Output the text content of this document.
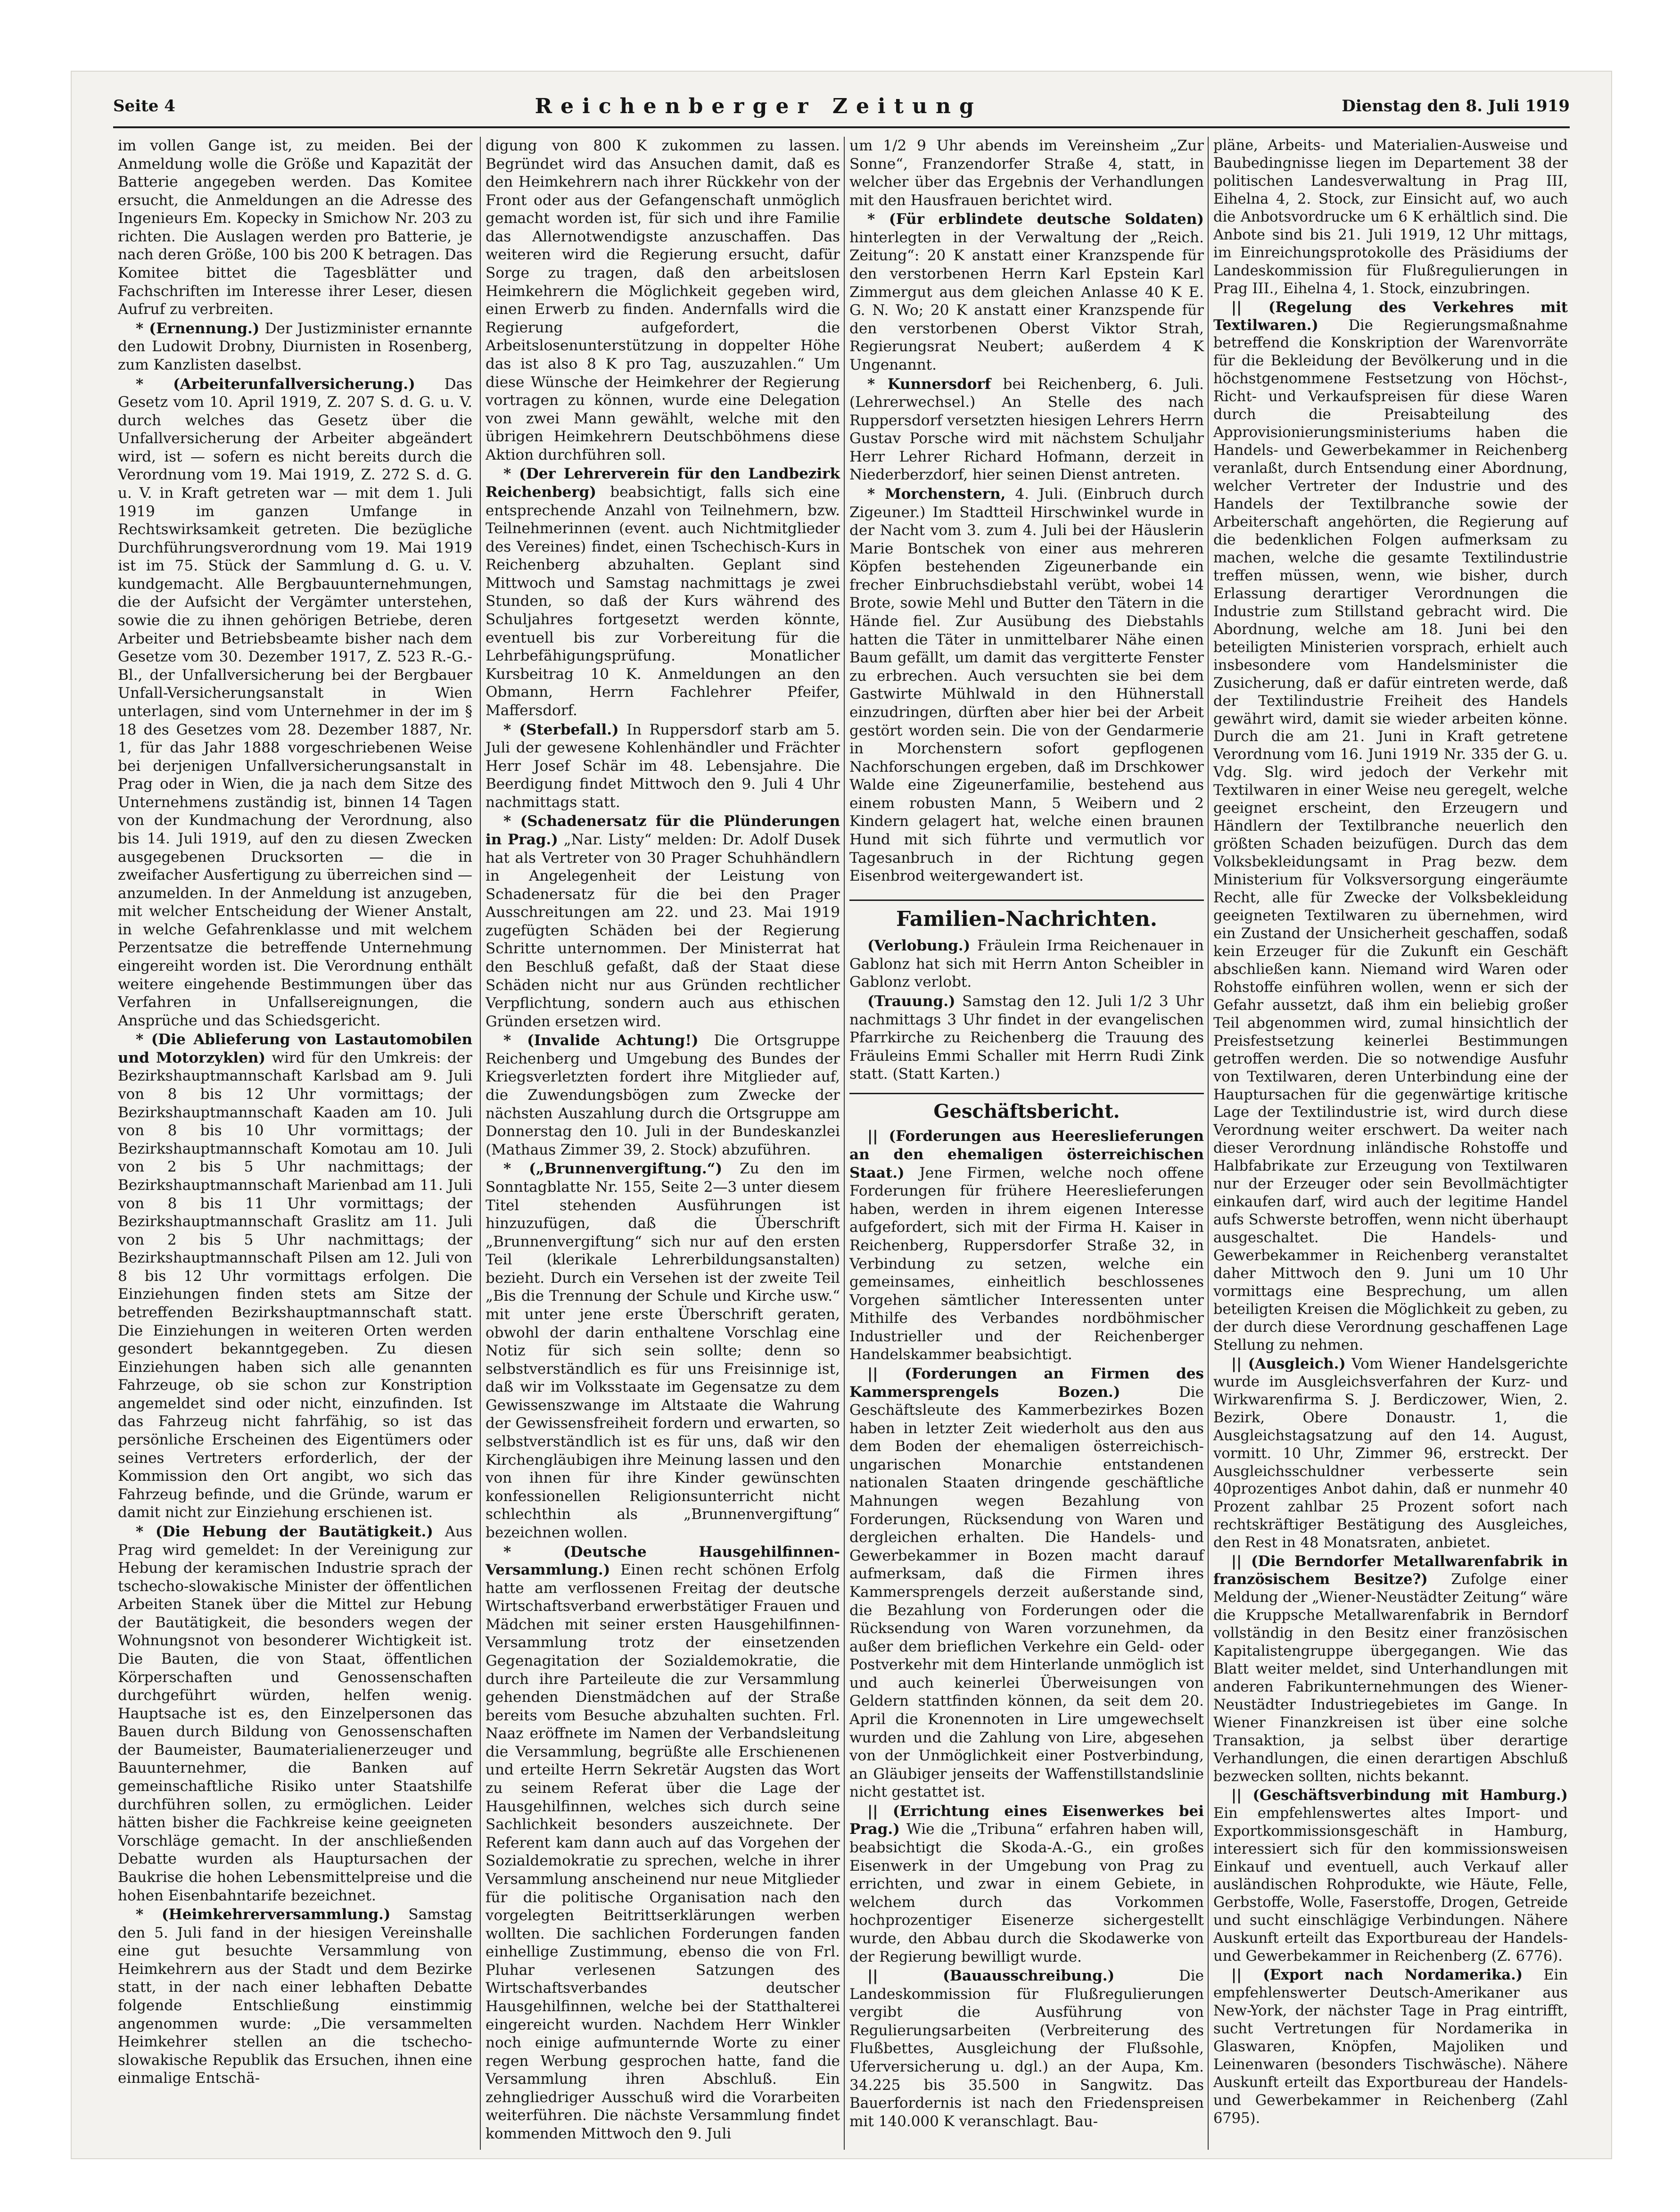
Seite 4	Reichenberger Zeitung	Dienstag den 8. Juli 1919

im vollen Gange ist, zu meiden. Bei der Anmeldung wolle die Größe und Kapazität der Batterie angegeben werden. Das Komitee ersucht, die Anmeldungen an die Adresse des Ingenieurs Em. Kopecky in Smichow Nr. 203 zu richten. Die Auslagen werden pro Batterie, je nach deren Größe, 100 bis 200 K betragen. Das Komitee bittet die Tagesblätter und Fachschriften im Interesse ihrer Leser, diesen Aufruf zu verbreiten.

* (Ernennung.) Der Justizminister ernannte den Ludowit Drobny, Diurnisten in Rosenberg, zum Kanzlisten daselbst.

* (Arbeiterunfallversicherung.) Das Gesetz vom 10. April 1919, Z. 207 S. d. G. u. V. durch welches das Gesetz über die Unfallversicherung der Arbeiter abgeändert wird, ist — sofern es nicht bereits durch die Verordnung vom 19. Mai 1919, Z. 272 S. d. G. u. V. in Kraft getreten war — mit dem 1. Juli 1919 im ganzen Umfange in Rechtswirksamkeit getreten. Die bezügliche Durchführungsverordnung vom 19. Mai 1919 ist im 75. Stück der Sammlung d. G. u. V. kundgemacht. Alle Bergbauunternehmungen, die der Aufsicht der Vergämter unterstehen, sowie die zu ihnen gehörigen Betriebe, deren Arbeiter und Betriebsbeamte bisher nach dem Gesetze vom 30. Dezember 1917, Z. 523 R.-G.-Bl., der Unfallversicherung bei der Bergbauer Unfall-Versicherungsanstalt in Wien unterlagen, sind vom Unternehmer in der im § 18 des Gesetzes vom 28. Dezember 1887, Nr. 1, für das Jahr 1888 vorgeschriebenen Weise bei derjenigen Unfallversicherungsanstalt in Prag oder in Wien, die ja nach dem Sitze des Unternehmens zuständig ist, binnen 14 Tagen von der Kundmachung der Verordnung, also bis 14. Juli 1919, auf den zu diesen Zwecken ausgegebenen Drucksorten — die in zweifacher Ausfertigung zu überreichen sind — anzumelden. In der Anmeldung ist anzugeben, mit welcher Entscheidung der Wiener Anstalt, in welche Gefahrenklasse und mit welchem Perzentsatze die betreffende Unternehmung eingereiht worden ist. Die Verordnung enthält weitere eingehende Bestimmungen über das Verfahren in Unfallsereignungen, die Ansprüche und das Schiedsgericht.

* (Die Ablieferung von Lastautomobilen und Motorzyklen) wird für den Umkreis: der Bezirkshauptmannschaft Karlsbad am 9. Juli von 8 bis 12 Uhr vormittags; der Bezirkshauptmannschaft Kaaden am 10. Juli von 8 bis 10 Uhr vormittags; der Bezirkshauptmannschaft Komotau am 10. Juli von 2 bis 5 Uhr nachmittags; der Bezirkshauptmannschaft Marienbad am 11. Juli von 8 bis 11 Uhr vormittags; der Bezirkshauptmannschaft Graslitz am 11. Juli von 2 bis 5 Uhr nachmittags; der Bezirkshauptmannschaft Pilsen am 12. Juli von 8 bis 12 Uhr vormittags erfolgen. Die Einziehungen finden stets am Sitze der betreffenden Bezirkshauptmannschaft statt. Die Einziehungen in weiteren Orten werden gesondert bekanntgegeben. Zu diesen Einziehungen haben sich alle genannten Fahrzeuge, ob sie schon zur Konstription angemeldet sind oder nicht, einzufinden. Ist das Fahrzeug nicht fahrfähig, so ist das persönliche Erscheinen des Eigentümers oder seines Vertreters erforderlich, der der Kommission den Ort angibt, wo sich das Fahrzeug befinde, und die Gründe, warum er damit nicht zur Einziehung erschienen ist.

* (Die Hebung der Bautätigkeit.) Aus Prag wird gemeldet: In der Vereinigung zur Hebung der keramischen Industrie sprach der tschecho-slowakische Minister der öffentlichen Arbeiten Stanek über die Mittel zur Hebung der Bautätigkeit, die besonders wegen der Wohnungsnot von besonderer Wichtigkeit ist. Die Bauten, die von Staat, öffentlichen Körperschaften und Genossenschaften durchgeführt würden, helfen wenig. Hauptsache ist es, den Einzelpersonen das Bauen durch Bildung von Genossenschaften der Baumeister, Baumaterialienerzeuger und Bauunternehmer, die Banken auf gemeinschaftliche Risiko unter Staatshilfe durchführen sollen, zu ermöglichen. Leider hätten bisher die Fachkreise keine geeigneten Vorschläge gemacht. In der anschließenden Debatte wurden als Hauptursachen der Baukrise die hohen Lebensmittelpreise und die hohen Eisenbahntarife bezeichnet.

* (Heimkehrerversammlung.) Samstag den 5. Juli fand in der hiesigen Vereinshalle eine gut besuchte Versammlung von Heimkehrern aus der Stadt und dem Bezirke statt, in der nach einer lebhaften Debatte folgende Entschließung einstimmig angenommen wurde: „Die versammelten Heimkehrer stellen an die tschecho-slowakische Republik das Ersuchen, ihnen eine einmalige Entschä-

digung von 800 K zukommen zu lassen. Begründet wird das Ansuchen damit, daß es den Heimkehrern nach ihrer Rückkehr von der Front oder aus der Gefangenschaft unmöglich gemacht worden ist, für sich und ihre Familie das Allernotwendigste anzuschaffen. Das weiteren wird die Regierung ersucht, dafür Sorge zu tragen, daß den arbeitslosen Heimkehrern die Möglichkeit gegeben wird, einen Erwerb zu finden. Andernfalls wird die Regierung aufgefordert, die Arbeitslosenunterstützung in doppelter Höhe das ist also 8 K pro Tag, auszuzahlen.“ Um diese Wünsche der Heimkehrer der Regierung vortragen zu können, wurde eine Delegation von zwei Mann gewählt, welche mit den übrigen Heimkehrern Deutschböhmens diese Aktion durchführen soll.

* (Der Lehrerverein für den Landbezirk Reichenberg) beabsichtigt, falls sich eine entsprechende Anzahl von Teilnehmern, bzw. Teilnehmerinnen (event. auch Nichtmitglieder des Vereines) findet, einen Tschechisch-Kurs in Reichenberg abzuhalten. Geplant sind Mittwoch und Samstag nachmittags je zwei Stunden, so daß der Kurs während des Schuljahres fortgesetzt werden könnte, eventuell bis zur Vorbereitung für die Lehrbefähigungsprüfung. Monatlicher Kursbeitrag 10 K. Anmeldungen an den Obmann, Herrn Fachlehrer Pfeifer, Maffersdorf.

* (Sterbefall.) In Ruppersdorf starb am 5. Juli der gewesene Kohlenhändler und Frächter Herr Josef Schär im 48. Lebensjahre. Die Beerdigung findet Mittwoch den 9. Juli 4 Uhr nachmittags statt.

* (Schadenersatz für die Plünderungen in Prag.) „Nar. Listy“ melden: Dr. Adolf Dusek hat als Vertreter von 30 Prager Schuhhändlern in Angelegenheit der Leistung von Schadenersatz für die bei den Prager Ausschreitungen am 22. und 23. Mai 1919 zugefügten Schäden bei der Regierung Schritte unternommen. Der Ministerrat hat den Beschluß gefaßt, daß der Staat diese Schäden nicht nur aus Gründen rechtlicher Verpflichtung, sondern auch aus ethischen Gründen ersetzen wird.

* (Invalide Achtung!) Die Ortsgruppe Reichenberg und Umgebung des Bundes der Kriegsverletzten fordert ihre Mitglieder auf, die Zuwendungsbögen zum Zwecke der nächsten Auszahlung durch die Ortsgruppe am Donnerstag den 10. Juli in der Bundeskanzlei (Mathaus Zimmer 39, 2. Stock) abzuführen.

* („Brunnenvergiftung.“) Zu den im Sonntagblatte Nr. 155, Seite 2—3 unter diesem Titel stehenden Ausführungen ist hinzuzufügen, daß die Überschrift „Brunnenvergiftung“ sich nur auf den ersten Teil (klerikale Lehrerbildungsanstalten) bezieht. Durch ein Versehen ist der zweite Teil „Bis die Trennung der Schule und Kirche usw.“ mit unter jene erste Überschrift geraten, obwohl der darin enthaltene Vorschlag eine Notiz für sich sein sollte; denn so selbstverständlich es für uns Freisinnige ist, daß wir im Volksstaate im Gegensatze zu dem Gewissenszwange im Altstaate die Wahrung der Gewissensfreiheit fordern und erwarten, so selbstverständlich ist es für uns, daß wir den Kirchengläubigen ihre Meinung lassen und den von ihnen für ihre Kinder gewünschten konfessionellen Religionsunterricht nicht schlechthin als „Brunnenvergiftung“ bezeichnen wollen.

* (Deutsche Hausgehilfinnen-Versammlung.) Einen recht schönen Erfolg hatte am verflossenen Freitag der deutsche Wirtschaftsverband erwerbstätiger Frauen und Mädchen mit seiner ersten Hausgehilfinnen-Versammlung trotz der einsetzenden Gegenagitation der Sozialdemokratie, die durch ihre Parteileute die zur Versammlung gehenden Dienstmädchen auf der Straße bereits vom Besuche abzuhalten suchten. Frl. Naaz eröffnete im Namen der Verbandsleitung die Versammlung, begrüßte alle Erschienenen und erteilte Herrn Sekretär Augsten das Wort zu seinem Referat über die Lage der Hausgehilfinnen, welches sich durch seine Sachlichkeit besonders auszeichnete. Der Referent kam dann auch auf das Vorgehen der Sozialdemokratie zu sprechen, welche in ihrer Versammlung anscheinend nur neue Mitglieder für die politische Organisation nach den vorgelegten Beitrittserklärungen werben wollten. Die sachlichen Forderungen fanden einhellige Zustimmung, ebenso die von Frl. Pluhar verlesenen Satzungen des Wirtschaftsverbandes deutscher Hausgehilfinnen, welche bei der Statthalterei eingereicht wurden. Nachdem Herr Winkler noch einige aufmunternde Worte zu einer regen Werbung gesprochen hatte, fand die Versammlung ihren Abschluß. Ein zehngliedriger Ausschuß wird die Vorarbeiten weiterführen. Die nächste Versammlung findet kommenden Mittwoch den 9. Juli

um 1/2 9 Uhr abends im Vereinsheim „Zur Sonne“, Franzendorfer Straße 4, statt, in welcher über das Ergebnis der Verhandlungen mit den Hausfrauen berichtet wird.

* (Für erblindete deutsche Soldaten) hinterlegten in der Verwaltung der „Reich. Zeitung“: 20 K anstatt einer Kranzspende für den verstorbenen Herrn Karl Epstein Karl Zimmergut aus dem gleichen Anlasse 40 K E. G. N. Wo; 20 K anstatt einer Kranzspende für den verstorbenen Oberst Viktor Strah, Regierungsrat Neubert; außerdem 4 K Ungenannt.

* Kunnersdorf bei Reichenberg, 6. Juli. (Lehrerwechsel.) An Stelle des nach Ruppersdorf versetzten hiesigen Lehrers Herrn Gustav Porsche wird mit nächstem Schuljahr Herr Lehrer Richard Hofmann, derzeit in Niederberzdorf, hier seinen Dienst antreten.

* Morchenstern, 4. Juli. (Einbruch durch Zigeuner.) Im Stadtteil Hirschwinkel wurde in der Nacht vom 3. zum 4. Juli bei der Häuslerin Marie Bontschek von einer aus mehreren Köpfen bestehenden Zigeunerbande ein frecher Einbruchsdiebstahl verübt, wobei 14 Brote, sowie Mehl und Butter den Tätern in die Hände fiel. Zur Ausübung des Diebstahls hatten die Täter in unmittelbarer Nähe einen Baum gefällt, um damit das vergitterte Fenster zu erbrechen. Auch versuchten sie bei dem Gastwirte Mühlwald in den Hühnerstall einzudringen, dürften aber hier bei der Arbeit gestört worden sein. Die von der Gendarmerie in Morchenstern sofort gepflogenen Nachforschungen ergeben, daß im Drschkower Walde eine Zigeunerfamilie, bestehend aus einem robusten Mann, 5 Weibern und 2 Kindern gelagert hat, welche einen braunen Hund mit sich führte und vermutlich vor Tagesanbruch in der Richtung gegen Eisenbrod weitergewandert ist.

Familien-Nachrichten.

(Verlobung.) Fräulein Irma Reichenauer in Gablonz hat sich mit Herrn Anton Scheibler in Gablonz verlobt.

(Trauung.) Samstag den 12. Juli 1/2 3 Uhr nachmittags 3 Uhr findet in der evangelischen Pfarrkirche zu Reichenberg die Trauung des Fräuleins Emmi Schaller mit Herrn Rudi Zink statt. (Statt Karten.)

Geschäftsbericht.

|| (Forderungen aus Heereslieferungen an den ehemaligen österreichischen Staat.) Jene Firmen, welche noch offene Forderungen für frühere Heereslieferungen haben, werden in ihrem eigenen Interesse aufgefordert, sich mit der Firma H. Kaiser in Reichenberg, Ruppersdorfer Straße 32, in Verbindung zu setzen, welche ein gemeinsames, einheitlich beschlossenes Vorgehen sämtlicher Interessenten unter Mithilfe des Verbandes nordböhmischer Industrieller und der Reichenberger Handelskammer beabsichtigt.

|| (Forderungen an Firmen des Kammersprengels Bozen.)	Die Geschäftsleute des Kammerbezirkes Bozen haben in letzter Zeit wiederholt aus den aus dem Boden der ehemaligen österreichisch-ungarischen Monarchie entstandenen nationalen Staaten dringende geschäftliche Mahnungen wegen Bezahlung von Forderungen, Rücksendung von Waren und dergleichen erhalten. Die Handels- und Gewerbekammer in Bozen macht darauf aufmerksam, daß die Firmen ihres Kammersprengels derzeit außerstande sind, die Bezahlung von Forderungen oder die Rücksendung von Waren vorzunehmen, da außer dem brieflichen Verkehre ein Geld- oder Postverkehr mit dem Hinterlande unmöglich ist und auch keinerlei Überweisungen von Geldern stattfinden können, da seit dem 20. April die Kronennoten in Lire umgewechselt wurden und die Zahlung von Lire, abgesehen von der Unmöglichkeit einer Postverbindung, an Gläubiger jenseits der Waffenstillstandslinie nicht gestattet ist.

|| (Errichtung eines Eisenwerkes bei Prag.) Wie die „Tribuna“ erfahren haben will, beabsichtigt die Skoda-A.-G., ein großes Eisenwerk in der Umgebung von Prag zu errichten, und zwar in einem Gebiete, in welchem durch das Vorkommen hochprozentiger Eisenerze sichergestellt wurde, den Abbau durch die Skodawerke von der Regierung bewilligt wurde.

|| (Bauausschreibung.)	Die Landeskommission für Flußregulierungen vergibt die Ausführung von Regulierungsarbeiten (Verbreiterung des Flußbettes, Ausgleichung der Flußsohle, Uferversicherung u. dgl.) an der Aupa, Km. 34.225 bis 35.500 in Sangwitz. Das Bauerfordernis ist nach den Friedenspreisen mit 140.000 K veranschlagt. Bau-

pläne, Arbeits- und Materialien-Ausweise und Baubedingnisse liegen im Departement 38 der politischen Landesverwaltung in Prag III, Eihelna 4, 2. Stock, zur Einsicht auf, wo auch die Anbotsvordrucke um 6 K erhältlich sind. Die Anbote sind bis 21. Juli 1919, 12 Uhr mittags, im Einreichungsprotokolle des Präsidiums der Landeskommission für Flußregulierungen in Prag III., Eihelna 4, 1. Stock, einzubringen.

|| (Regelung des Verkehres mit Textilwaren.) Die Regierungsmaßnahme betreffend die Konskription der Warenvorräte für die Bekleidung der Bevölkerung und in die höchstgenommene Festsetzung von Höchst-, Richt- und Verkaufspreisen für diese Waren durch die Preisabteilung des Approvisionierungsministeriums haben die Handels- und Gewerbekammer in Reichenberg veranlaßt, durch Entsendung einer Abordnung, welcher Vertreter der Industrie und des Handels der Textilbranche sowie der Arbeiterschaft angehörten, die Regierung auf die bedenklichen Folgen aufmerksam zu machen, welche die gesamte Textilindustrie treffen müssen, wenn, wie bisher, durch Erlassung derartiger Verordnungen die Industrie zum Stillstand gebracht wird. Die Abordnung, welche am 18. Juni bei den beteiligten Ministerien vorsprach, erhielt auch insbesondere vom Handelsminister die Zusicherung, daß er dafür eintreten werde, daß der Textilindustrie Freiheit des Handels gewährt wird, damit sie wieder arbeiten könne. Durch die am 21. Juni in Kraft getretene Verordnung vom 16. Juni 1919 Nr. 335 der G. u. Vdg. Slg. wird jedoch der Verkehr mit Textilwaren in einer Weise neu geregelt, welche geeignet erscheint, den Erzeugern und Händlern der Textilbranche neuerlich den größten Schaden beizufügen. Durch das dem Volksbekleidungsamt in Prag bezw. dem Ministerium für Volksversorgung eingeräumte Recht, alle für Zwecke der Volksbekleidung geeigneten Textilwaren zu übernehmen, wird ein Zustand der Unsicherheit geschaffen, sodaß kein Erzeuger für die Zukunft ein Geschäft abschließen kann. Niemand wird Waren oder Rohstoffe einführen wollen, wenn er sich der Gefahr aussetzt, daß ihm ein beliebig großer Teil abgenommen wird, zumal hinsichtlich der Preisfestsetzung keinerlei Bestimmungen getroffen werden. Die so notwendige Ausfuhr von Textilwaren, deren Unterbindung eine der Hauptursachen für die gegenwärtige kritische Lage der Textilindustrie ist, wird durch diese Verordnung weiter erschwert. Da weiter nach dieser Verordnung inländische Rohstoffe und Halbfabrikate zur Erzeugung von Textilwaren nur der Erzeuger oder sein Bevollmächtigter einkaufen darf, wird auch der legitime Handel aufs Schwerste betroffen, wenn nicht überhaupt ausgeschaltet. Die Handels- und Gewerbekammer in Reichenberg veranstaltet daher Mittwoch den 9. Juni um 10 Uhr vormittags eine Besprechung, um allen beteiligten Kreisen die Möglichkeit zu geben, zu der durch diese Verordnung geschaffenen Lage Stellung zu nehmen.

|| (Ausgleich.) Vom Wiener Handelsgerichte wurde im Ausgleichsverfahren der Kurz- und Wirkwarenfirma S. J. Berdiczower, Wien, 2. Bezirk, Obere Donaustr. 1, die Ausgleichstagsatzung auf den 14. August, vormitt. 10 Uhr, Zimmer 96, erstreckt. Der Ausgleichsschuldner verbesserte sein 40prozentiges Anbot dahin, daß er nunmehr 40 Prozent zahlbar 25 Prozent sofort nach rechtskräftiger Bestätigung des Ausgleiches, den Rest in 48 Monatsraten, anbietet.

|| (Die Berndorfer Metallwarenfabrik in französischem Besitze?) Zufolge einer Meldung der „Wiener-Neustädter Zeitung“ wäre die Kruppsche Metallwarenfabrik in Berndorf vollständig in den Besitz einer französischen Kapitalistengruppe übergegangen. Wie das Blatt weiter meldet, sind Unterhandlungen mit anderen Fabrikunternehmungen des Wiener-Neustädter Industriegebietes im Gange. In Wiener Finanzkreisen ist über eine solche Transaktion, ja selbst über derartige Verhandlungen, die einen derartigen Abschluß bezwecken sollten, nichts bekannt.

|| (Geschäftsverbindung mit Hamburg.) Ein empfehlenswertes altes Import- und Exportkommissionsgeschäft in Hamburg, interessiert sich für den kommissionsweisen Einkauf und eventuell, auch Verkauf aller ausländischen Rohprodukte, wie Häute, Felle, Gerbstoffe, Wolle, Faserstoffe, Drogen, Getreide und sucht einschlägige Verbindungen. Nähere Auskunft erteilt das Exportbureau der Handels- und Gewerbekammer in Reichenberg (Z. 6776).

|| (Export nach Nordamerika.) Ein empfehlenswerter Deutsch-Amerikaner aus New-York, der nächster Tage in Prag eintrifft, sucht Vertretungen für Nordamerika in Glaswaren, Knöpfen, Majoliken und Leinenwaren (besonders Tischwäsche). Nähere Auskunft erteilt das Exportbureau der Handels- und Gewerbekammer in Reichenberg (Zahl 6795).
